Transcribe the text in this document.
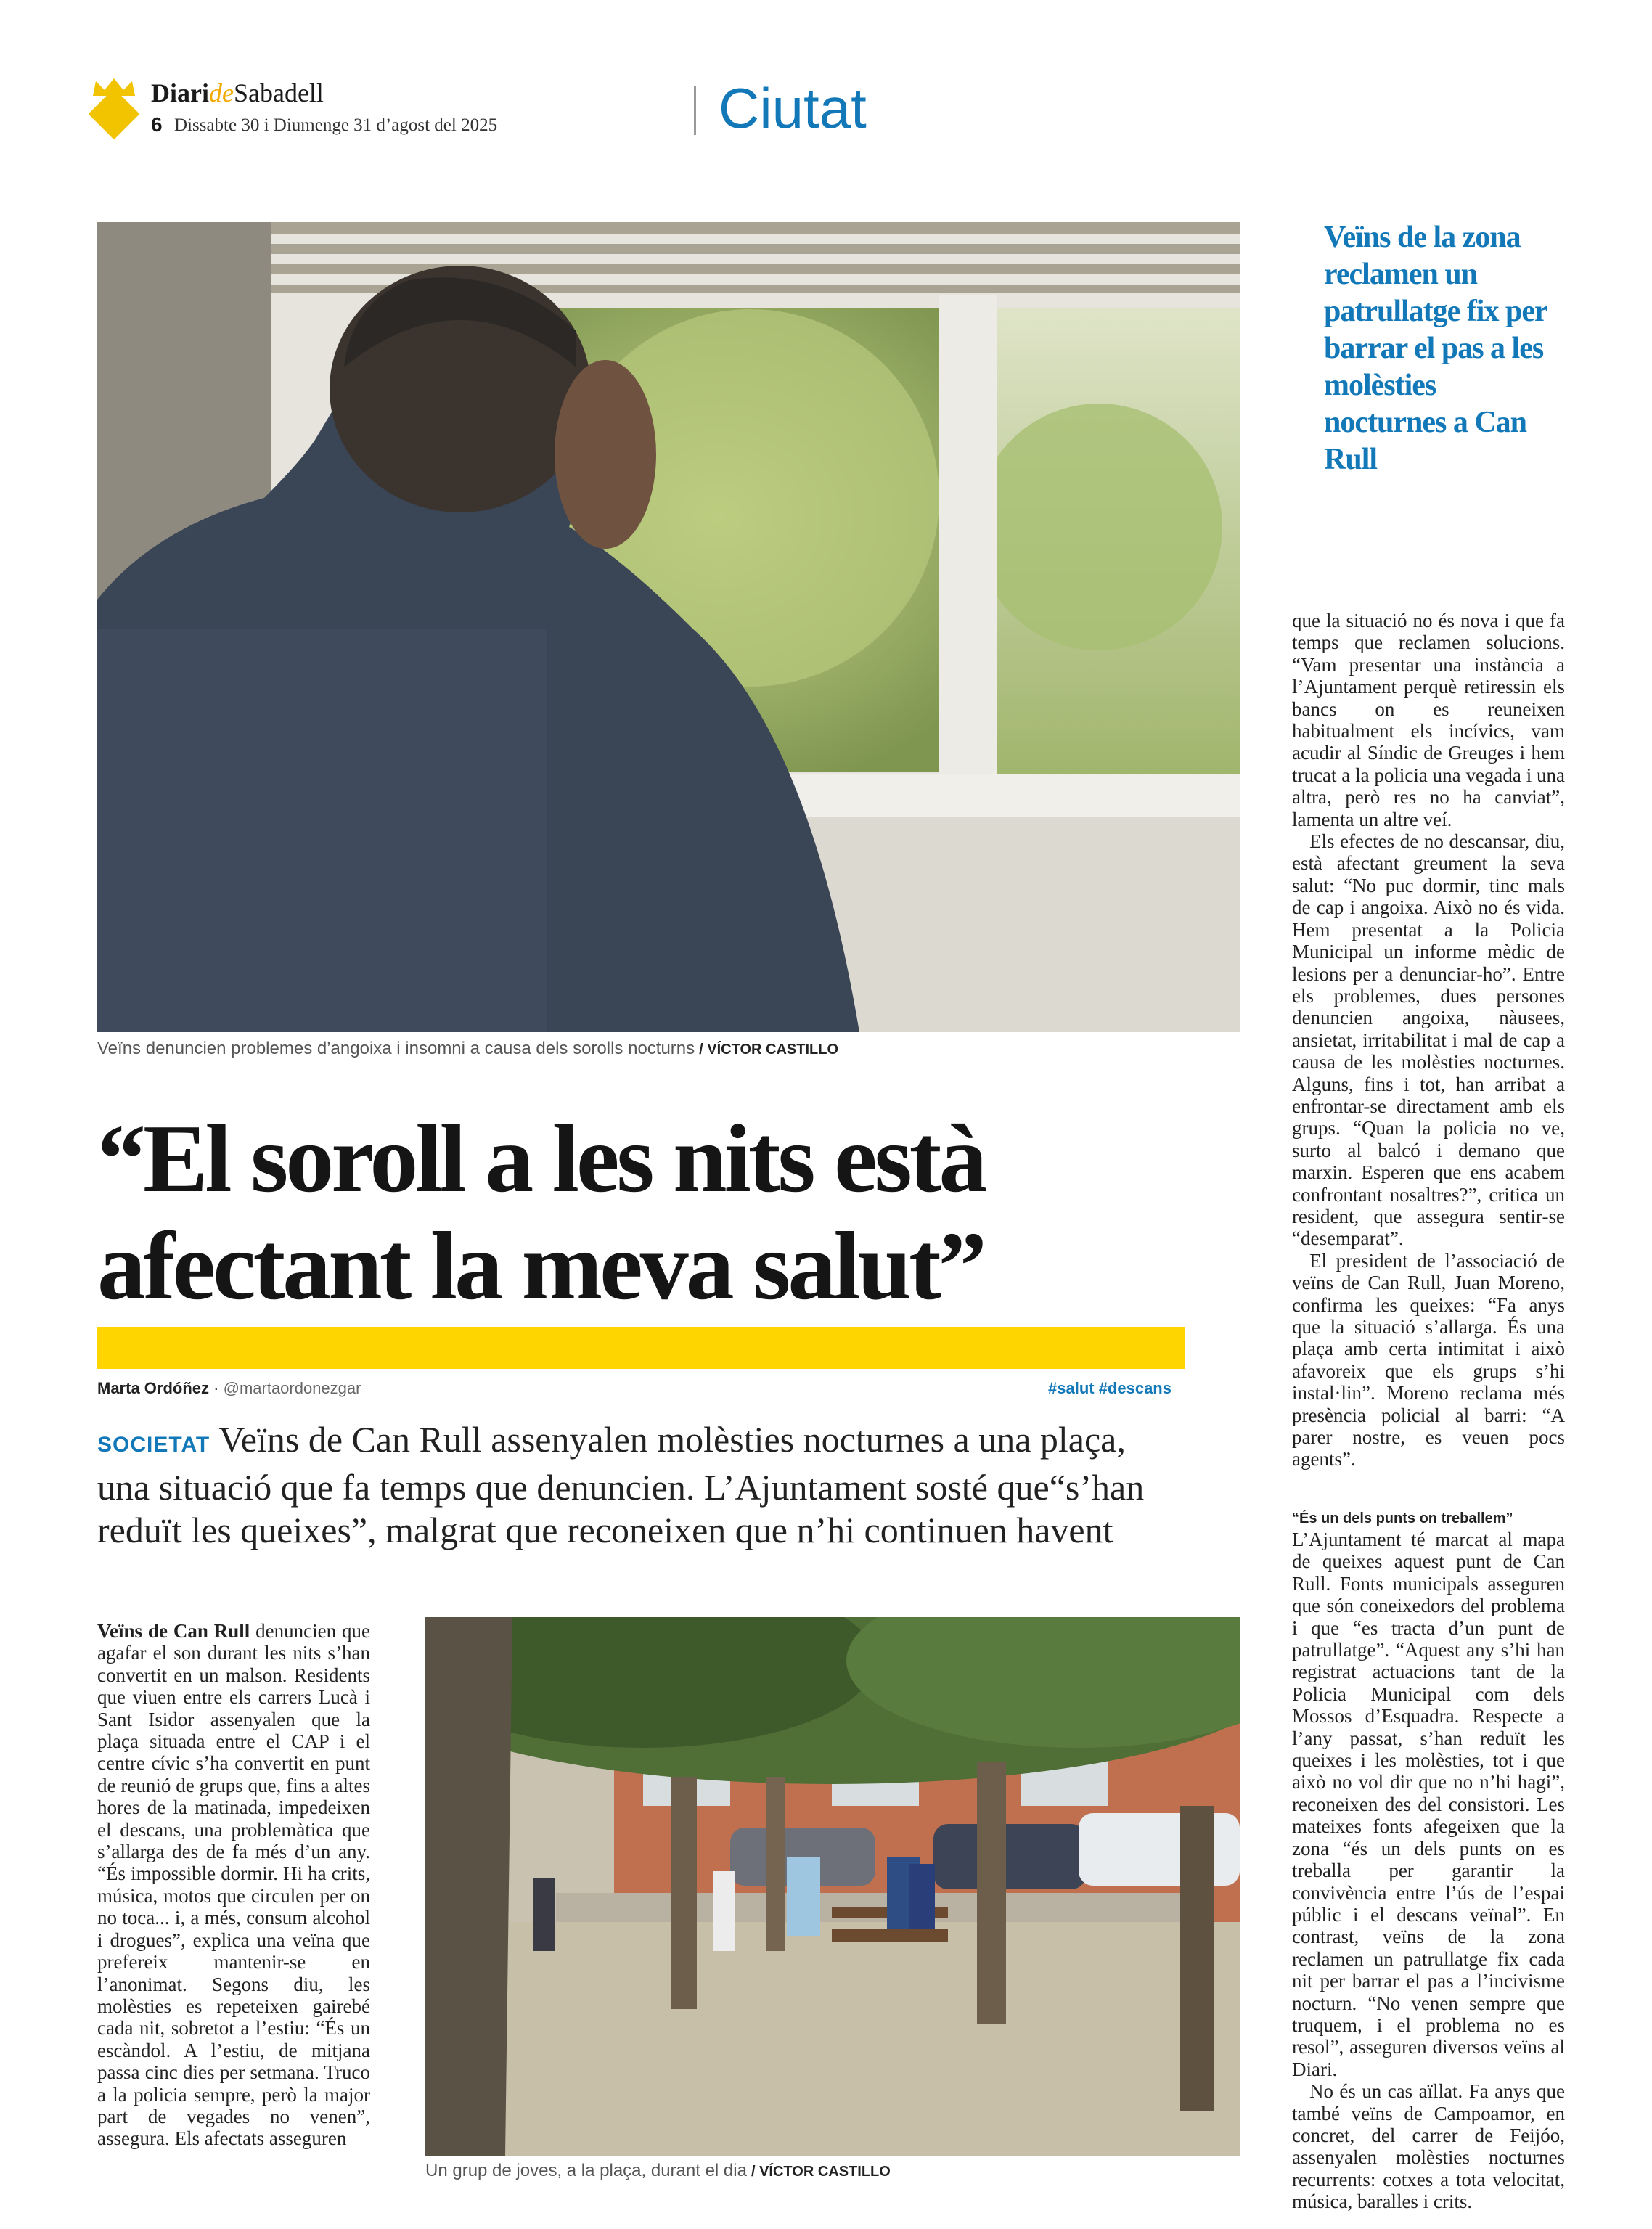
DiarideSabadell
6 Dissabte 30 i Diumenge 31 d’agost del 2025	Ciutat
Veïns de la zona reclamen un patrullatge fix per barrar el pas a les molèsties nocturnes a Can Rull
Veïns denuncien problemes d’angoixa i insomni a causa dels sorolls nocturns / VÍCTOR CASTILLO
“El soroll a les nits està afectant la meva salut”
Marta Ordóñez · @martaordonezgar	#salut #descans
SOCIETAT Veïns de Can Rull assenyalen molèsties nocturnes a una plaça, una situació que fa temps que denuncien. L’Ajuntament sosté que“s’han reduït les queixes”, malgrat que reconeixen que n’hi continuen havent

Veïns de Can Rull denuncien que agafar el son durant les nits s’han convertit en un malson. Residents que viuen entre els carrers Lucà i Sant Isidor assenyalen que la plaça situada entre el CAP i el centre cívic s’ha convertit en punt de reunió de grups que, fins a altes hores de la matinada, impedeixen el descans, una problemàtica que s’allarga des de fa més d’un any. “És impossible dormir. Hi ha crits, música, motos que circulen per on no toca... i, a més, consum alcohol i drogues”, explica una veïna que prefereix mantenir-se en l’anonimat. Segons diu, les molèsties es repeteixen gairebé cada nit, sobretot a l’estiu: “És un escàndol. A l’estiu, de mitjana passa cinc dies per setmana. Truco a la policia sempre, però la major part de vegades no venen”, assegura. Els afectats asseguren

Un grup de joves, a la plaça, durant el dia / VÍCTOR CASTILLO

que la situació no és nova i que fa temps que reclamen solucions. “Vam presentar una instància a l’Ajuntament perquè retiressin els bancs on es reuneixen habitualment els incívics, vam acudir al Síndic de Greuges i hem trucat a la policia una vegada i una altra, però res no ha canviat”, lamenta un altre veí.

Els efectes de no descansar, diu, està afectant greument la seva salut: “No puc dormir, tinc mals de cap i angoixa. Això no és vida. Hem presentat a la Policia Municipal un informe mèdic de lesions per a denunciar-ho”. Entre els problemes, dues persones denuncien angoixa, nàusees, ansietat, irritabilitat i mal de cap a causa de les molèsties nocturnes. Alguns, fins i tot, han arribat a enfrontar-se directament amb els grups. “Quan la policia no ve, surto al balcó i demano que marxin. Esperen que ens acabem confrontant nosaltres?”, critica un resident, que assegura sentir-se “desemparat”.

El president de l’associació de veïns de Can Rull, Juan Moreno, confirma les queixes: “Fa anys que la situació s’allarga. És una plaça amb certa intimitat i això afavoreix que els grups s’hi instal·lin”. Moreno reclama més presència policial al barri: “A parer nostre, es veuen pocs agents”.

“És un dels punts on treballem”

L’Ajuntament té marcat al mapa de queixes aquest punt de Can Rull. Fonts municipals asseguren que són coneixedors del problema i que “es tracta d’un punt de patrullatge”. “Aquest any s’hi han registrat actuacions tant de la Policia Municipal com dels Mossos d’Esquadra. Respecte a l’any passat, s’han reduït les queixes i les molèsties, tot i que això no vol dir que no n’hi hagi”, reconeixen des del consistori. Les mateixes fonts afegeixen que la zona “és un dels punts on es treballa per garantir la convivència entre l’ús de l’espai públic i el descans veïnal”. En contrast, veïns de la zona reclamen un patrullatge fix cada nit per barrar el pas a l’incivisme nocturn. “No venen sempre que truquem, i el problema no es resol”, asseguren diversos veïns al Diari.

No és un cas aïllat. Fa anys que també veïns de Campoamor, en concret, del carrer de Feijóo, assenyalen molèsties nocturnes recurrents: cotxes a tota velocitat, música, baralles i crits.
